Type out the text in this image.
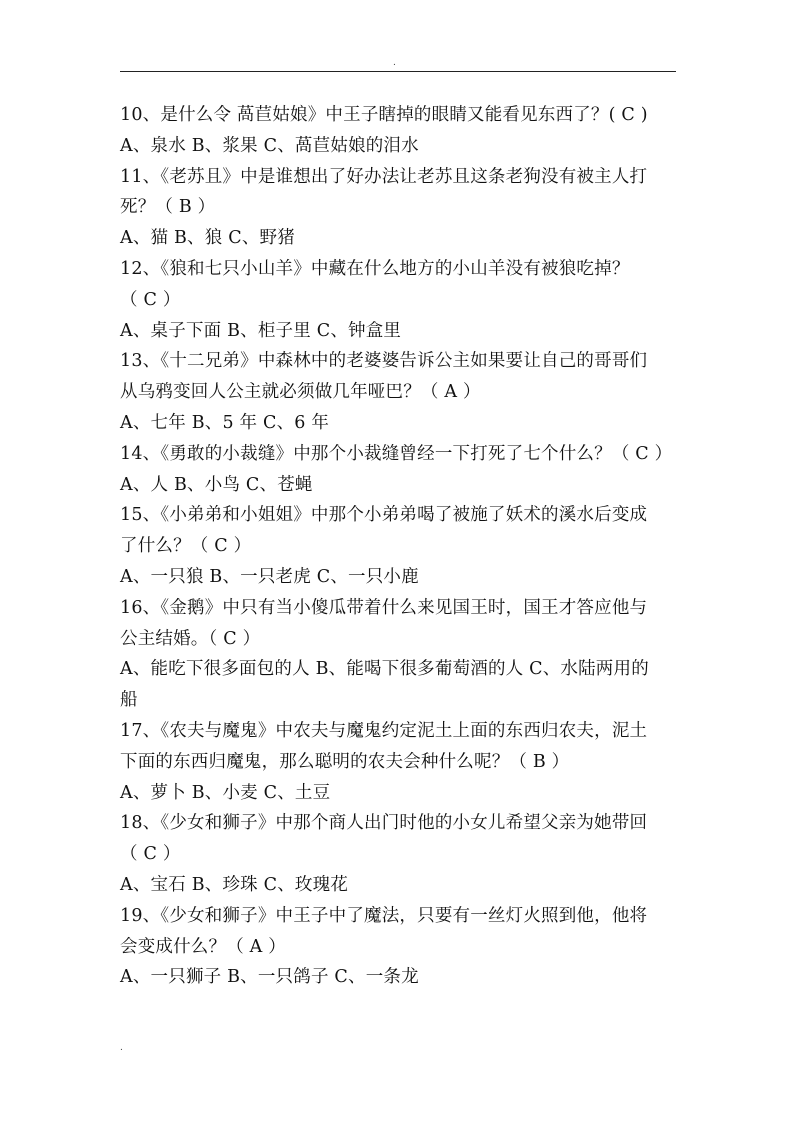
.
10、是什么令 萵苣姑娘》中王子瞎掉的眼睛又能看见东西了？( C )
A、泉水 B、浆果 C、萵苣姑娘的泪水
11、《老苏且》中是谁想出了好办法让老苏且这条老狗没有被主人打
死？（ B ）
A、猫 B、狼 C、野猪
12、《狼和七只小山羊》中藏在什么地方的小山羊没有被狼吃掉？
（ C ）
A、桌子下面 B、柜子里 C、钟盒里
13、《十二兄弟》中森林中的老婆婆告诉公主如果要让自己的哥哥们
从乌鸦变回人公主就必须做几年哑巴？（ A ）
A、七年 B、5 年 C、6 年
14、《勇敢的小裁缝》中那个小裁缝曾经一下打死了七个什么？（ C ）
A、人 B、小鸟 C、苍蝇
15、《小弟弟和小姐姐》中那个小弟弟喝了被施了妖术的溪水后变成
了什么？（ C ）
A、一只狼 B、一只老虎 C、一只小鹿
16、《金鹅》中只有当小傻瓜带着什么来见国王时，国王才答应他与
公主结婚。（ C ）
A、能吃下很多面包的人 B、能喝下很多葡萄酒的人 C、水陆两用的
船
17、《农夫与魔鬼》中农夫与魔鬼约定泥土上面的东西归农夫，泥土
下面的东西归魔鬼，那么聪明的农夫会种什么呢？（ B ）
A、萝卜 B、小麦 C、土豆
18、《少女和狮子》中那个商人出门时他的小女儿希望父亲为她带回
（ C ）
A、宝石 B、珍珠 C、玫瑰花
19、《少女和狮子》中王子中了魔法，只要有一丝灯火照到他，他将
会变成什么？（ A ）
A、一只狮子 B、一只鸽子 C、一条龙
.
